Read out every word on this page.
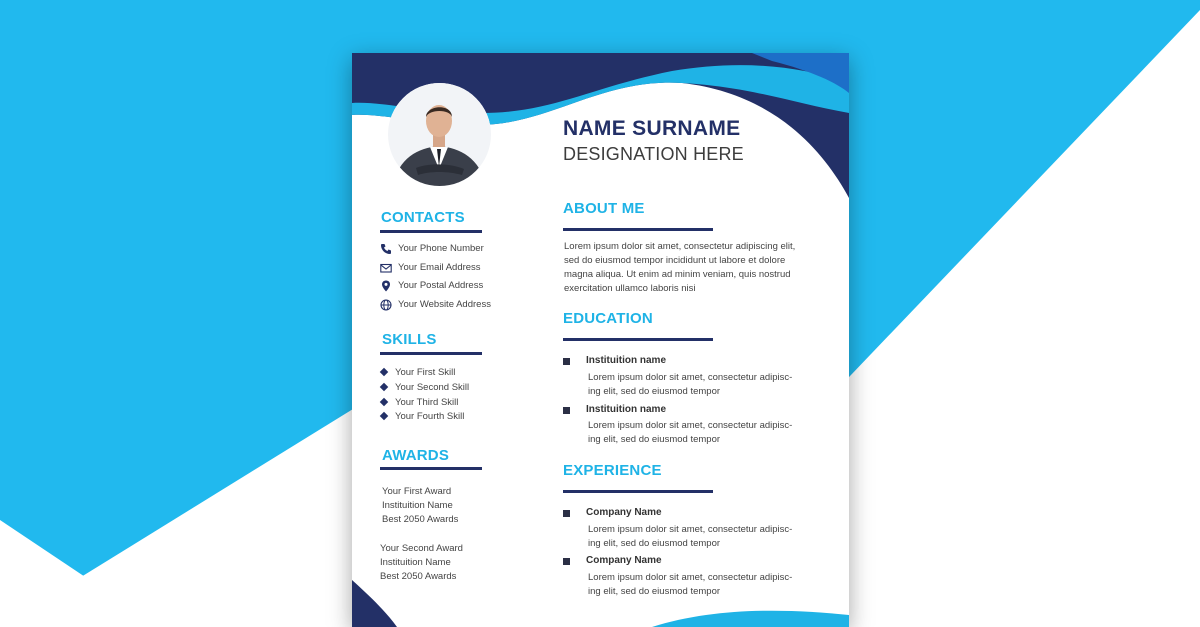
NAME SURNAME
DESIGNATION HERE
CONTACTS
Your Phone Number
Your Email Address
Your Postal Address
Your Website Address
SKILLS
Your First Skill
Your Second Skill
Your Third Skill
Your Fourth Skill
AWARDS

Your First Award
Instituition Name
Best 2050 Awards

Your Second Award
Instituition Name
Best 2050 Awards

ABOUT ME

Lorem ipsum dolor sit amet, consectetur adipiscing elit,
sed do eiusmod tempor incididunt ut labore et dolore
magna aliqua. Ut enim ad minim veniam, quis nostrud
exercitation ullamco laboris nisi

EDUCATION

Instituition name

Lorem ipsum dolor sit amet, consectetur adipisc-
ing elit, sed do eiusmod tempor

Instituition name

Lorem ipsum dolor sit amet, consectetur adipisc-
ing elit, sed do eiusmod tempor

EXPERIENCE

Company Name

Lorem ipsum dolor sit amet, consectetur adipisc-
ing elit, sed do eiusmod tempor

Company Name

Lorem ipsum dolor sit amet, consectetur adipisc-
ing elit, sed do eiusmod tempor
